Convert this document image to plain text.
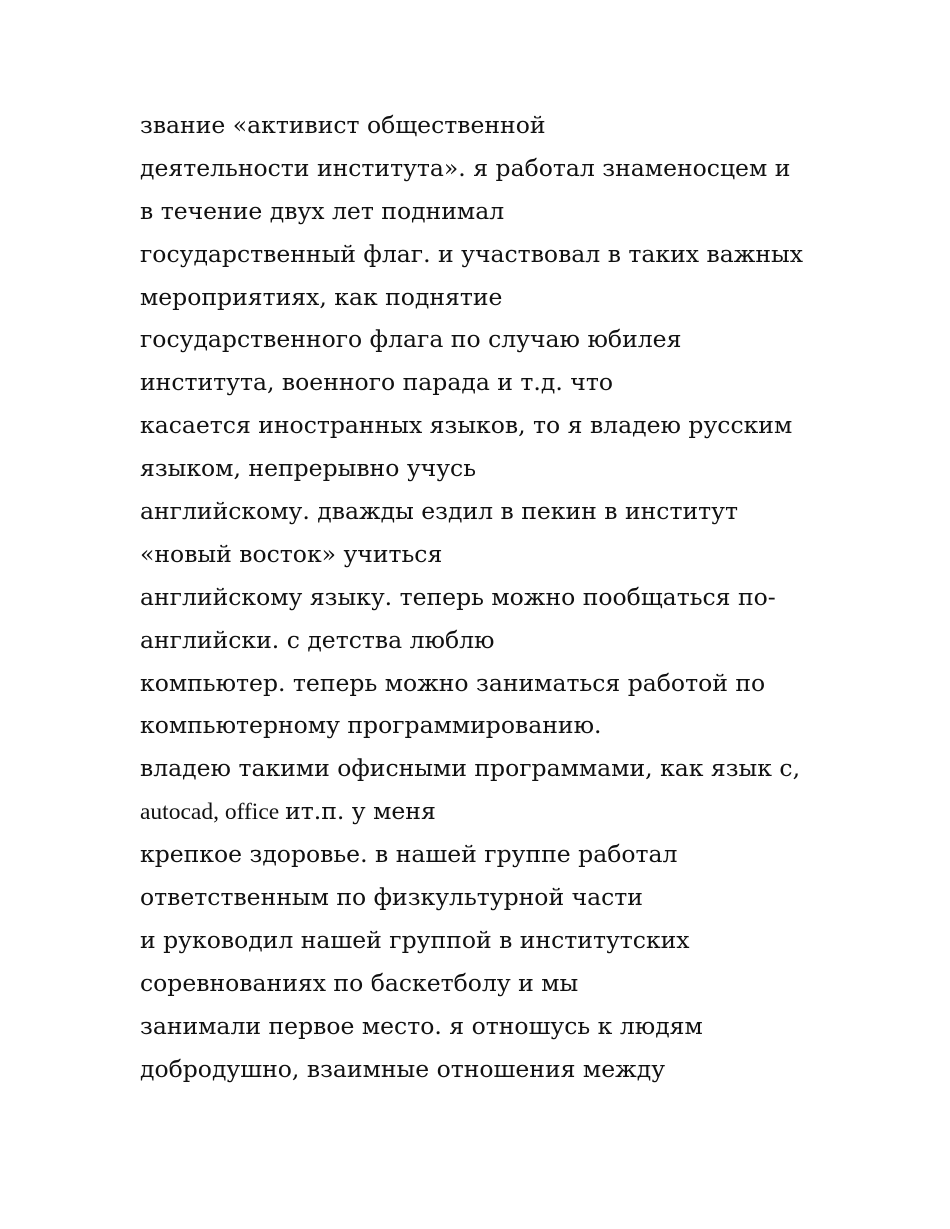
звание «активист общественной
деятельности института». я работал знаменосцем и
в течение двух лет поднимал
государственный флаг. и участвовал в таких важных
мероприятиях, как поднятие
государственного флага по случаю юбилея
института, военного парада и т.д. что
касается иностранных языков, то я владею русским
языком, непрерывно учусь
английскому. дважды ездил в пекин в институт
«новый восток» учиться
английскому языку. теперь можно пообщаться по-
английски. с детства люблю
компьютер. теперь можно заниматься работой по
компьютерному программированию.
владею такими офисными программами, как язык c,
autocad, office ит.п. у меня
крепкое здоровье. в нашей группе работал
ответственным по физкультурной части
и руководил нашей группой в институтских
соревнованиях по баскетболу и мы
занимали первое место. я отношусь к людям
добродушно, взаимные отношения между
